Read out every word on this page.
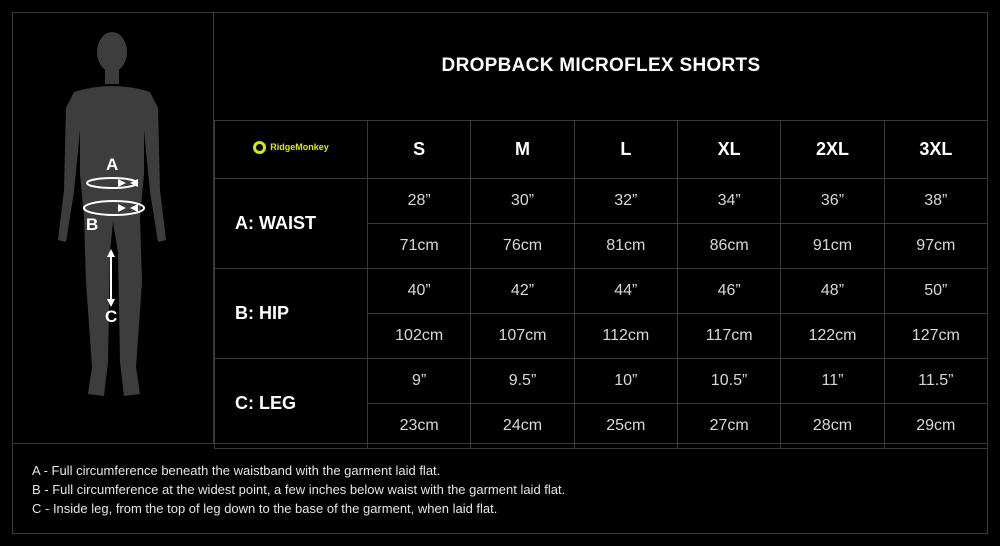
A
B
C
DROPBACK MICROFLEX SHORTS
RidgeMonkey	S	M	L	XL	2XL	3XL
A: WAIST	28”	30”	32”	34”	36”	38”
	71cm	76cm	81cm	86cm	91cm	97cm
B: HIP	40”	42”	44”	46”	48”	50”
	102cm	107cm	112cm	117cm	122cm	127cm
C: LEG	9”	9.5”	10”	10.5”	11”	11.5”
	23cm	24cm	25cm	27cm	28cm	29cm
A - Full circumference beneath the waistband with the garment laid flat.
B - Full circumference at the widest point, a few inches below waist with the garment laid flat.
C - Inside leg, from the top of leg down to the base of the garment, when laid flat.
